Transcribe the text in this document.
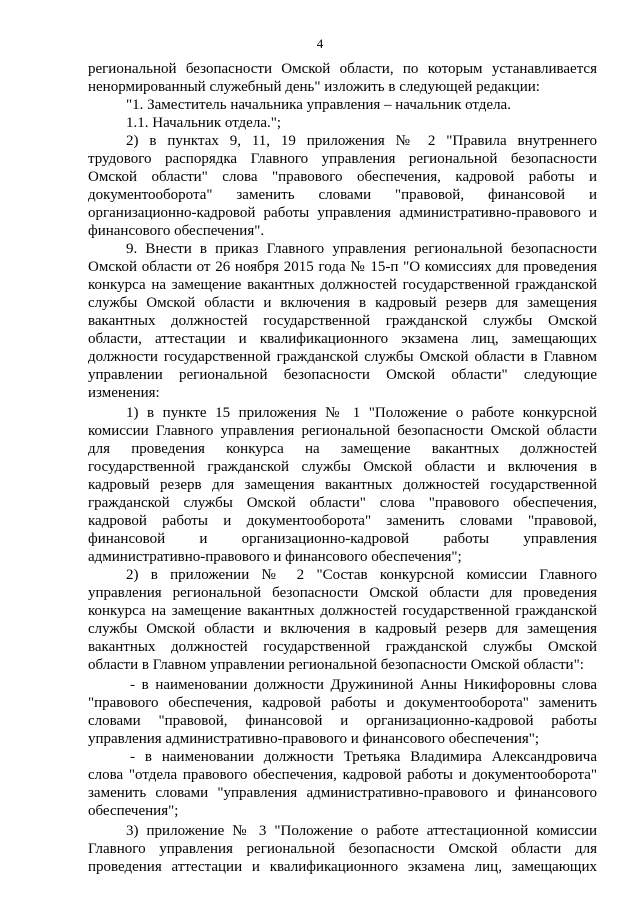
4
региональной безопасности Омской области, по которым устанавливается
ненормированный служебный день" изложить в следующей редакции:
"1. Заместитель начальника управления – начальник отдела.
1.1. Начальник отдела.";
2) в пунктах 9, 11, 19 приложения № 2 "Правила внутреннего
трудового распорядка Главного управления региональной безопасности
Омской области" слова "правового обеспечения, кадровой работы и
документооборота" заменить словами "правовой, финансовой и
организационно-кадровой работы управления административно-правового и
финансового обеспечения".
9. Внести в приказ Главного управления региональной безопасности
Омской области от 26 ноября 2015 года № 15-п "О комиссиях для проведения
конкурса на замещение вакантных должностей государственной гражданской
службы Омской области и включения в кадровый резерв для замещения
вакантных должностей государственной гражданской службы Омской
области, аттестации и квалификационного экзамена лиц, замещающих
должности государственной гражданской службы Омской области в Главном
управлении региональной безопасности Омской области" следующие
изменения:
1) в пункте 15 приложения № 1 "Положение о работе конкурсной
комиссии Главного управления региональной безопасности Омской области
для проведения конкурса на замещение вакантных должностей
государственной гражданской службы Омской области и включения в
кадровый резерв для замещения вакантных должностей государственной
гражданской службы Омской области" слова "правового обеспечения,
кадровой работы и документооборота" заменить словами "правовой,
финансовой и организационно-кадровой работы управления
административно-правового и финансового обеспечения";
2) в приложении № 2 "Состав конкурсной комиссии Главного
управления региональной безопасности Омской области для проведения
конкурса на замещение вакантных должностей государственной гражданской
службы Омской области и включения в кадровый резерв для замещения
вакантных должностей государственной гражданской службы Омской
области в Главном управлении региональной безопасности Омской области":
- в наименовании должности Дружининой Анны Никифоровны слова
"правового обеспечения, кадровой работы и документооборота" заменить
словами "правовой, финансовой и организационно-кадровой работы
управления административно-правового и финансового обеспечения";
- в наименовании должности Третьяка Владимира Александровича
слова "отдела правового обеспечения, кадровой работы и документооборота"
заменить словами "управления административно-правового и финансового
обеспечения";
3) приложение № 3 "Положение о работе аттестационной комиссии
Главного управления региональной безопасности Омской области для
проведения аттестации и квалификационного экзамена лиц, замещающих
